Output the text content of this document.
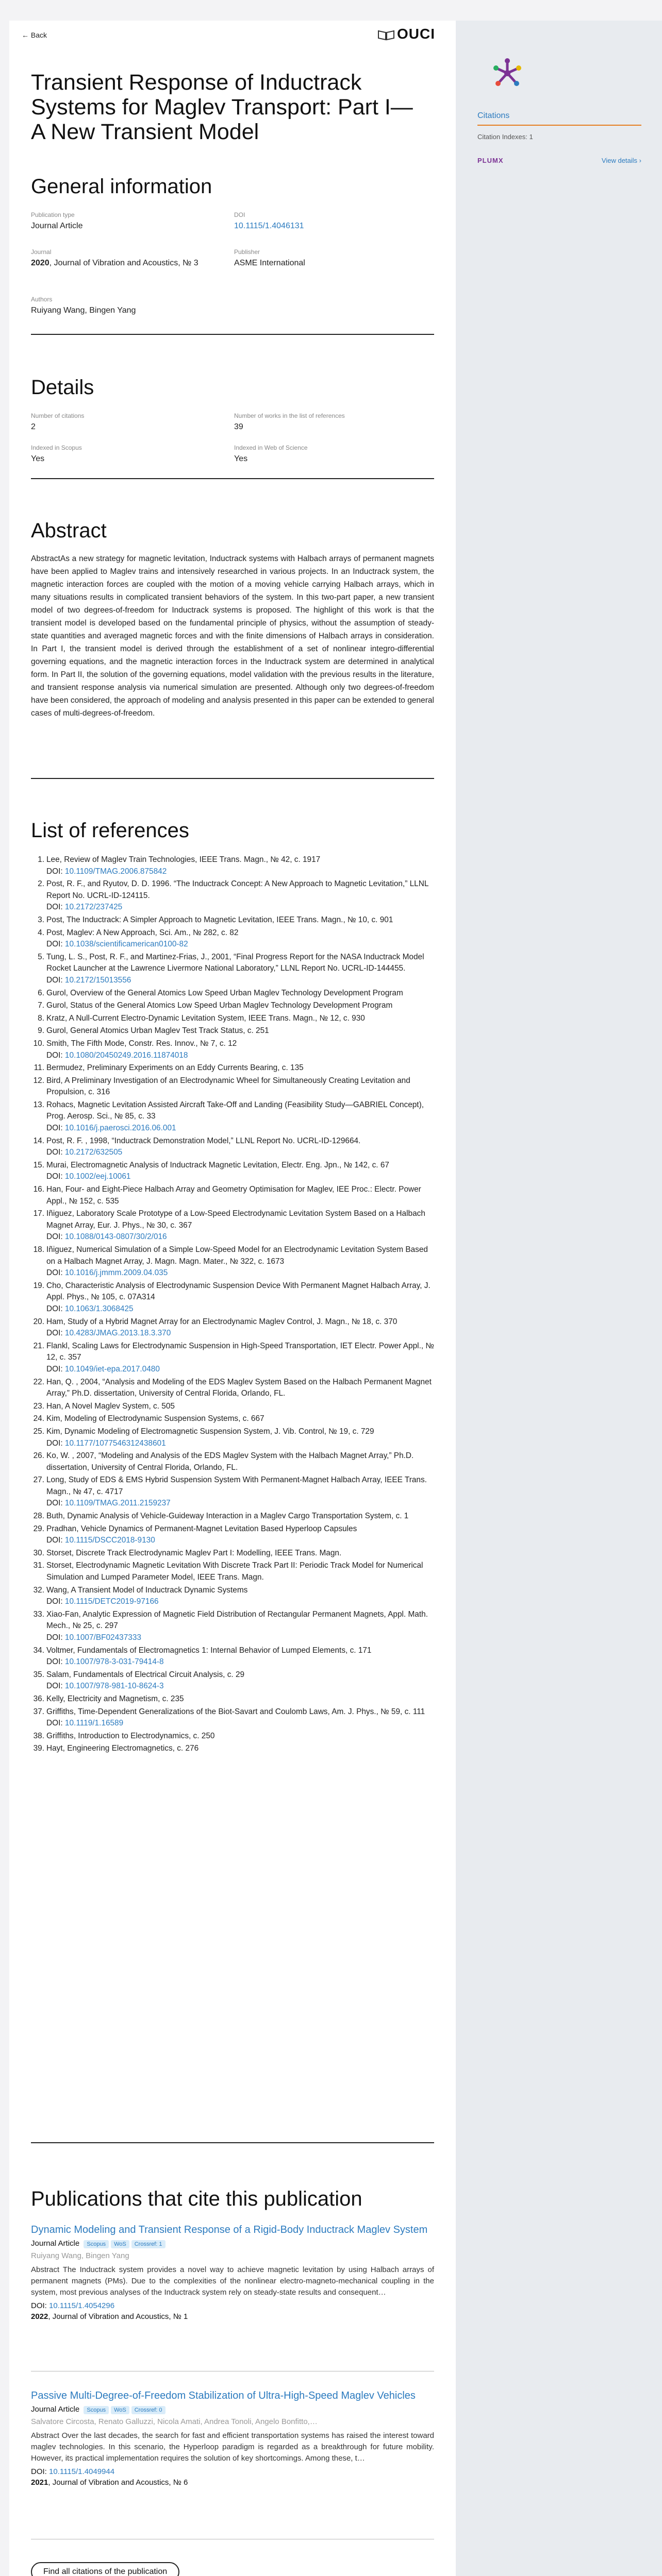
← Back	OUCI
Transient Response of Inductrack Systems for Maglev Transport: Part I—A New Transient Model
General information
Publication type
Journal Article
DOI
10.1115/1.4046131
Journal
2020, Journal of Vibration and Acoustics, № 3
Publisher
ASME International
Authors
Ruiyang Wang, Bingen Yang
Details
Number of citations
2
Number of works in the list of references
39
Indexed in Scopus
Yes
Indexed in Web of Science
Yes
Abstract

AbstractAs a new strategy for magnetic levitation, Inductrack systems with Halbach arrays of permanent magnets have been applied to Maglev trains and intensively researched in various projects. In an Inductrack system, the magnetic interaction forces are coupled with the motion of a moving vehicle carrying Halbach arrays, which in many situations results in complicated transient behaviors of the system. In this two-part paper, a new transient model of two degrees-of-freedom for Inductrack systems is proposed. The highlight of this work is that the transient model is developed based on the fundamental principle of physics, without the assumption of steady-state quantities and averaged magnetic forces and with the finite dimensions of Halbach arrays in consideration. In Part I, the transient model is derived through the establishment of a set of nonlinear integro-differential governing equations, and the magnetic interaction forces in the Inductrack system are determined in analytical form. In Part II, the solution of the governing equations, model validation with the previous results in the literature, and transient response analysis via numerical simulation are presented. Although only two degrees-of-freedom have been considered, the approach of modeling and analysis presented in this paper can be extended to general cases of multi-degrees-of-freedom.

List of references
1. Lee, Review of Maglev Train Technologies, IEEE Trans. Magn., № 42, с. 1917
DOI: 10.1109/TMAG.2006.875842
2. Post, R. F., and Ryutov, D. D. 1996. “The Inductrack Concept: A New Approach to Magnetic Levitation,” LLNL Report No. UCRL-ID-124115.
DOI: 10.2172/237425
3. Post, The Inductrack: A Simpler Approach to Magnetic Levitation, IEEE Trans. Magn., № 10, с. 901
4. Post, Maglev: A New Approach, Sci. Am., № 282, с. 82
DOI: 10.1038/scientificamerican0100-82
5. Tung, L. S., Post, R. F., and Martinez-Frias, J., 2001, “Final Progress Report for the NASA Inductrack Model Rocket Launcher at the Lawrence Livermore National Laboratory,” LLNL Report No. UCRL-ID-144455.
DOI: 10.2172/15013556
6. Gurol, Overview of the General Atomics Low Speed Urban Maglev Technology Development Program
7. Gurol, Status of the General Atomics Low Speed Urban Maglev Technology Development Program
8. Kratz, A Null-Current Electro-Dynamic Levitation System, IEEE Trans. Magn., № 12, с. 930
9. Gurol, General Atomics Urban Maglev Test Track Status, с. 251
10. Smith, The Fifth Mode, Constr. Res. Innov., № 7, с. 12
DOI: 10.1080/20450249.2016.11874018
11. Bermudez, Preliminary Experiments on an Eddy Currents Bearing, с. 135
12. Bird, A Preliminary Investigation of an Electrodynamic Wheel for Simultaneously Creating Levitation and Propulsion, с. 316
13. Rohacs, Magnetic Levitation Assisted Aircraft Take-Off and Landing (Feasibility Study—GABRIEL Concept), Prog. Aerosp. Sci., № 85, с. 33
DOI: 10.1016/j.paerosci.2016.06.001
14. Post, R. F. , 1998, “Inductrack Demonstration Model,” LLNL Report No. UCRL-ID-129664.
DOI: 10.2172/632505
15. Murai, Electromagnetic Analysis of Inductrack Magnetic Levitation, Electr. Eng. Jpn., № 142, с. 67
DOI: 10.1002/eej.10061
16. Han, Four- and Eight-Piece Halbach Array and Geometry Optimisation for Maglev, IEE Proc.: Electr. Power Appl., № 152, с. 535
17. Iñiguez, Laboratory Scale Prototype of a Low-Speed Electrodynamic Levitation System Based on a Halbach Magnet Array, Eur. J. Phys., № 30, с. 367
DOI: 10.1088/0143-0807/30/2/016
18. Iñiguez, Numerical Simulation of a Simple Low-Speed Model for an Electrodynamic Levitation System Based on a Halbach Magnet Array, J. Magn. Magn. Mater., № 322, с. 1673
DOI: 10.1016/j.jmmm.2009.04.035
19. Cho, Characteristic Analysis of Electrodynamic Suspension Device With Permanent Magnet Halbach Array, J. Appl. Phys., № 105, с. 07A314
DOI: 10.1063/1.3068425
20. Ham, Study of a Hybrid Magnet Array for an Electrodynamic Maglev Control, J. Magn., № 18, с. 370
DOI: 10.4283/JMAG.2013.18.3.370
21. Flankl, Scaling Laws for Electrodynamic Suspension in High-Speed Transportation, IET Electr. Power Appl., № 12, с. 357
DOI: 10.1049/iet-epa.2017.0480
22. Han, Q. , 2004, “Analysis and Modeling of the EDS Maglev System Based on the Halbach Permanent Magnet Array,” Ph.D. dissertation, University of Central Florida, Orlando, FL.
23. Han, A Novel Maglev System, с. 505
24. Kim, Modeling of Electrodynamic Suspension Systems, с. 667
25. Kim, Dynamic Modeling of Electromagnetic Suspension System, J. Vib. Control, № 19, с. 729
DOI: 10.1177/1077546312438601
26. Ko, W. , 2007, “Modeling and Analysis of the EDS Maglev System with the Halbach Magnet Array,” Ph.D. dissertation, University of Central Florida, Orlando, FL.
27. Long, Study of EDS & EMS Hybrid Suspension System With Permanent-Magnet Halbach Array, IEEE Trans. Magn., № 47, с. 4717
DOI: 10.1109/TMAG.2011.2159237
28. Buth, Dynamic Analysis of Vehicle-Guideway Interaction in a Maglev Cargo Transportation System, с. 1
29. Pradhan, Vehicle Dynamics of Permanent-Magnet Levitation Based Hyperloop Capsules
DOI: 10.1115/DSCC2018-9130
30. Storset, Discrete Track Electrodynamic Maglev Part I: Modelling, IEEE Trans. Magn.
31. Storset, Electrodynamic Magnetic Levitation With Discrete Track Part II: Periodic Track Model for Numerical Simulation and Lumped Parameter Model, IEEE Trans. Magn.
32. Wang, A Transient Model of Inductrack Dynamic Systems
DOI: 10.1115/DETC2019-97166
33. Xiao-Fan, Analytic Expression of Magnetic Field Distribution of Rectangular Permanent Magnets, Appl. Math. Mech., № 25, с. 297
DOI: 10.1007/BF02437333
34. Voltmer, Fundamentals of Electromagnetics 1: Internal Behavior of Lumped Elements, с. 171
DOI: 10.1007/978-3-031-79414-8
35. Salam, Fundamentals of Electrical Circuit Analysis, с. 29
DOI: 10.1007/978-981-10-8624-3
36. Kelly, Electricity and Magnetism, с. 235
37. Griffiths, Time-Dependent Generalizations of the Biot-Savart and Coulomb Laws, Am. J. Phys., № 59, с. 111
DOI: 10.1119/1.16589
38. Griffiths, Introduction to Electrodynamics, с. 250
39. Hayt, Engineering Electromagnetics, с. 276
Publications that cite this publication
Dynamic Modeling and Transient Response of a Rigid-Body Inductrack Maglev System
Journal Article Scopus WoS Crossref: 1
Ruiyang Wang, Bingen Yang
Abstract The Inductrack system provides a novel way to achieve magnetic levitation by using Halbach arrays of permanent magnets (PMs). Due to the complexities of the nonlinear electro-magneto-mechanical coupling in the system, most previous analyses of the Inductrack system rely on steady-state results and consequent…
DOI: 10.1115/1.4054296
2022, Journal of Vibration and Acoustics, № 1
Passive Multi-Degree-of-Freedom Stabilization of Ultra-High-Speed Maglev Vehicles
Journal Article Scopus WoS Crossref: 0
Salvatore Circosta, Renato Galluzzi, Nicola Amati, Andrea Tonoli, Angelo Bonfitto,…
Abstract Over the last decades, the search for fast and efficient transportation systems has raised the interest toward maglev technologies. In this scenario, the Hyperloop paradigm is regarded as a breakthrough for future mobility. However, its practical implementation requires the solution of key shortcomings. Among these, t…
DOI: 10.1115/1.4049944
2021, Journal of Vibration and Acoustics, № 6
Find all citations of the publication
Citations
Citation Indexes: 1
PLUMX	View details ›
